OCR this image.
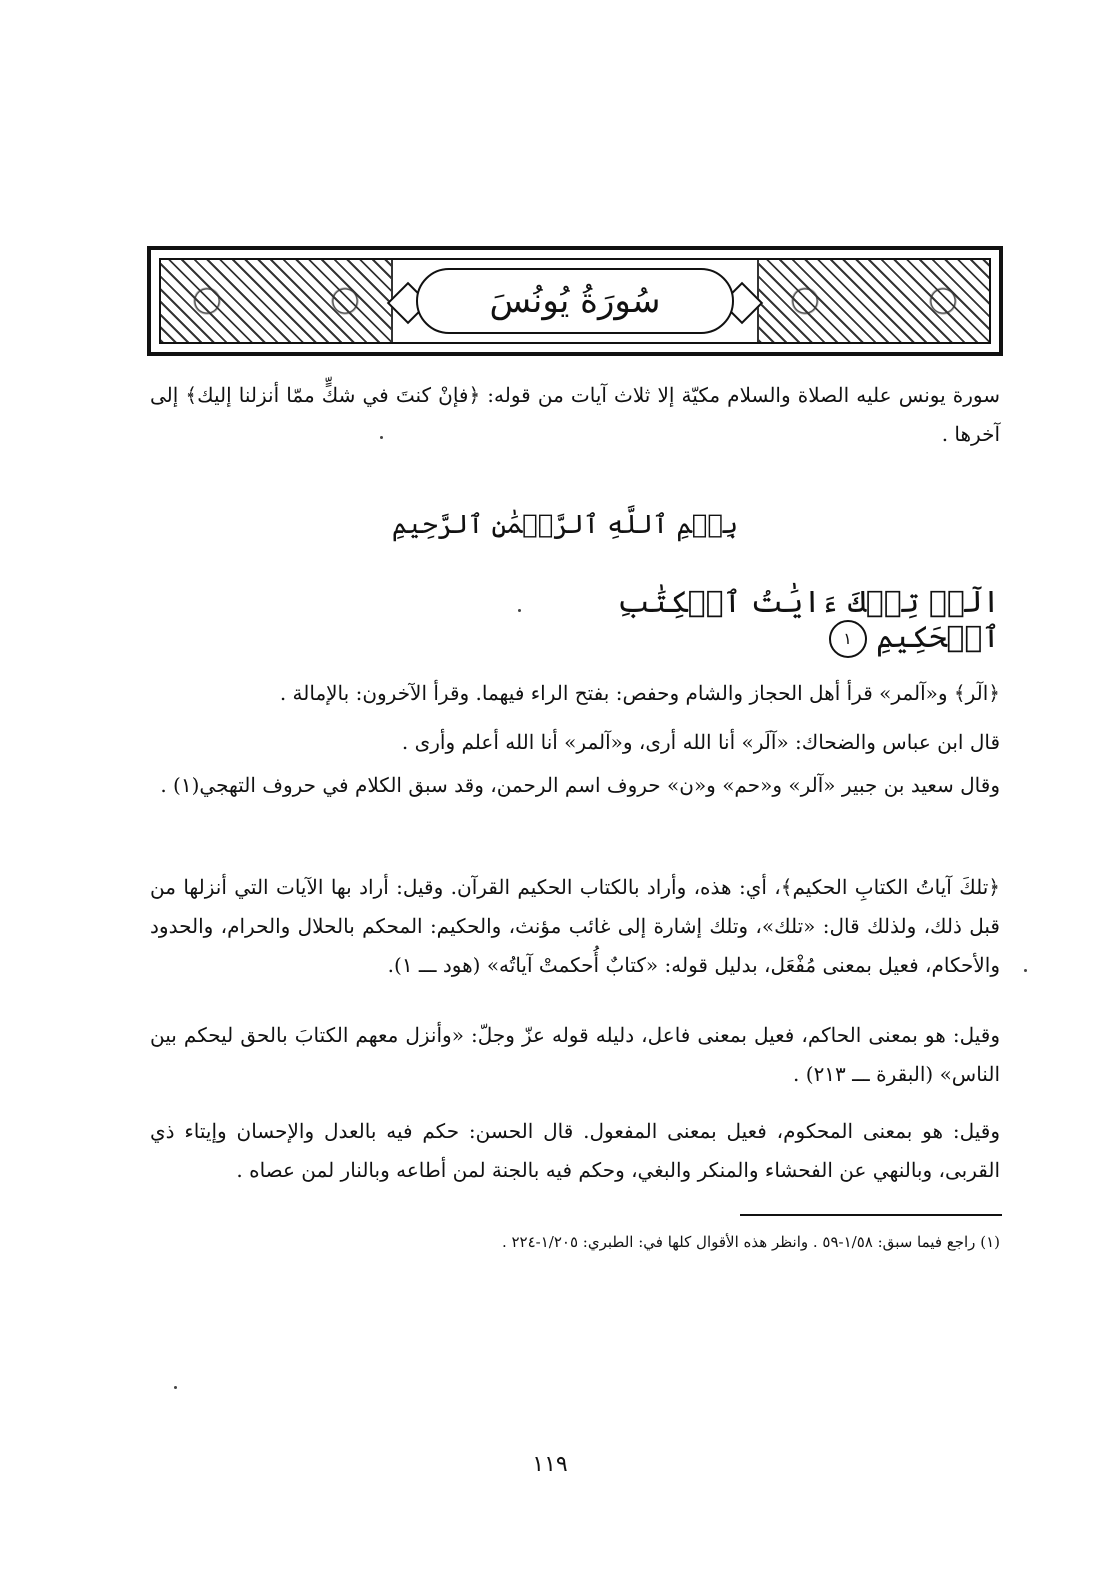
سُورَةُ يُونُسَ
سورة يونس عليه الصلاة والسلام مكيّة إلا ثلاث آيات من قوله: ﴿فإنْ كنتَ في شكٍّ ممّا أنزلنا إليك﴾ إلى آخرها .
بِسۡمِ ٱللَّهِ ٱلرَّحۡمَٰنِ ٱلرَّحِيمِ
الٓرۚ تِلۡكَ ءَايَٰتُ ٱلۡكِتَٰبِ ٱلۡحَكِيمِ ١
﴿الٓر﴾ و«آلمر» قرأ أهل الحجاز والشام وحفص: بفتح الراء فيهما. وقرأ الآخرون: بالإمالة .
قال ابن عباس والضحاك: «آلَر» أنا الله أرى، و«آلمر» أنا الله أعلم وأرى .
وقال سعيد بن جبير «آلر» و«حم» و«ن» حروف اسم الرحمن، وقد سبق الكلام في حروف التهجي(١) .
﴿تلكَ آياتُ الكتابِ الحكيم﴾، أي: هذه، وأراد بالكتاب الحكيم القرآن. وقيل: أراد بها الآيات التي أنزلها من قبل ذلك، ولذلك قال: «تلك»، وتلك إشارة إلى غائب مؤنث، والحكيم: المحكم بالحلال والحرام، والحدود والأحكام، فعيل بمعنى مُفْعَل، بدليل قوله: «كتابٌ أُحكمتْ آياتُه» (هود ـــ ١).
وقيل: هو بمعنى الحاكم، فعيل بمعنى فاعل، دليله قوله عزّ وجلّ: «وأنزل معهم الكتابَ بالحق ليحكم بين الناس» (البقرة ـــ ٢١٣) .
وقيل: هو بمعنى المحكوم، فعيل بمعنى المفعول. قال الحسن: حكم فيه بالعدل والإحسان وإيتاء ذي القربى، وبالنهي عن الفحشاء والمنكر والبغي، وحكم فيه بالجنة لمن أطاعه وبالنار لمن عصاه .
(١) راجع فيما سبق: ١/٥٨-٥٩ . وانظر هذه الأقوال كلها في: الطبري: ١/٢٠٥-٢٢٤ .
١١٩
